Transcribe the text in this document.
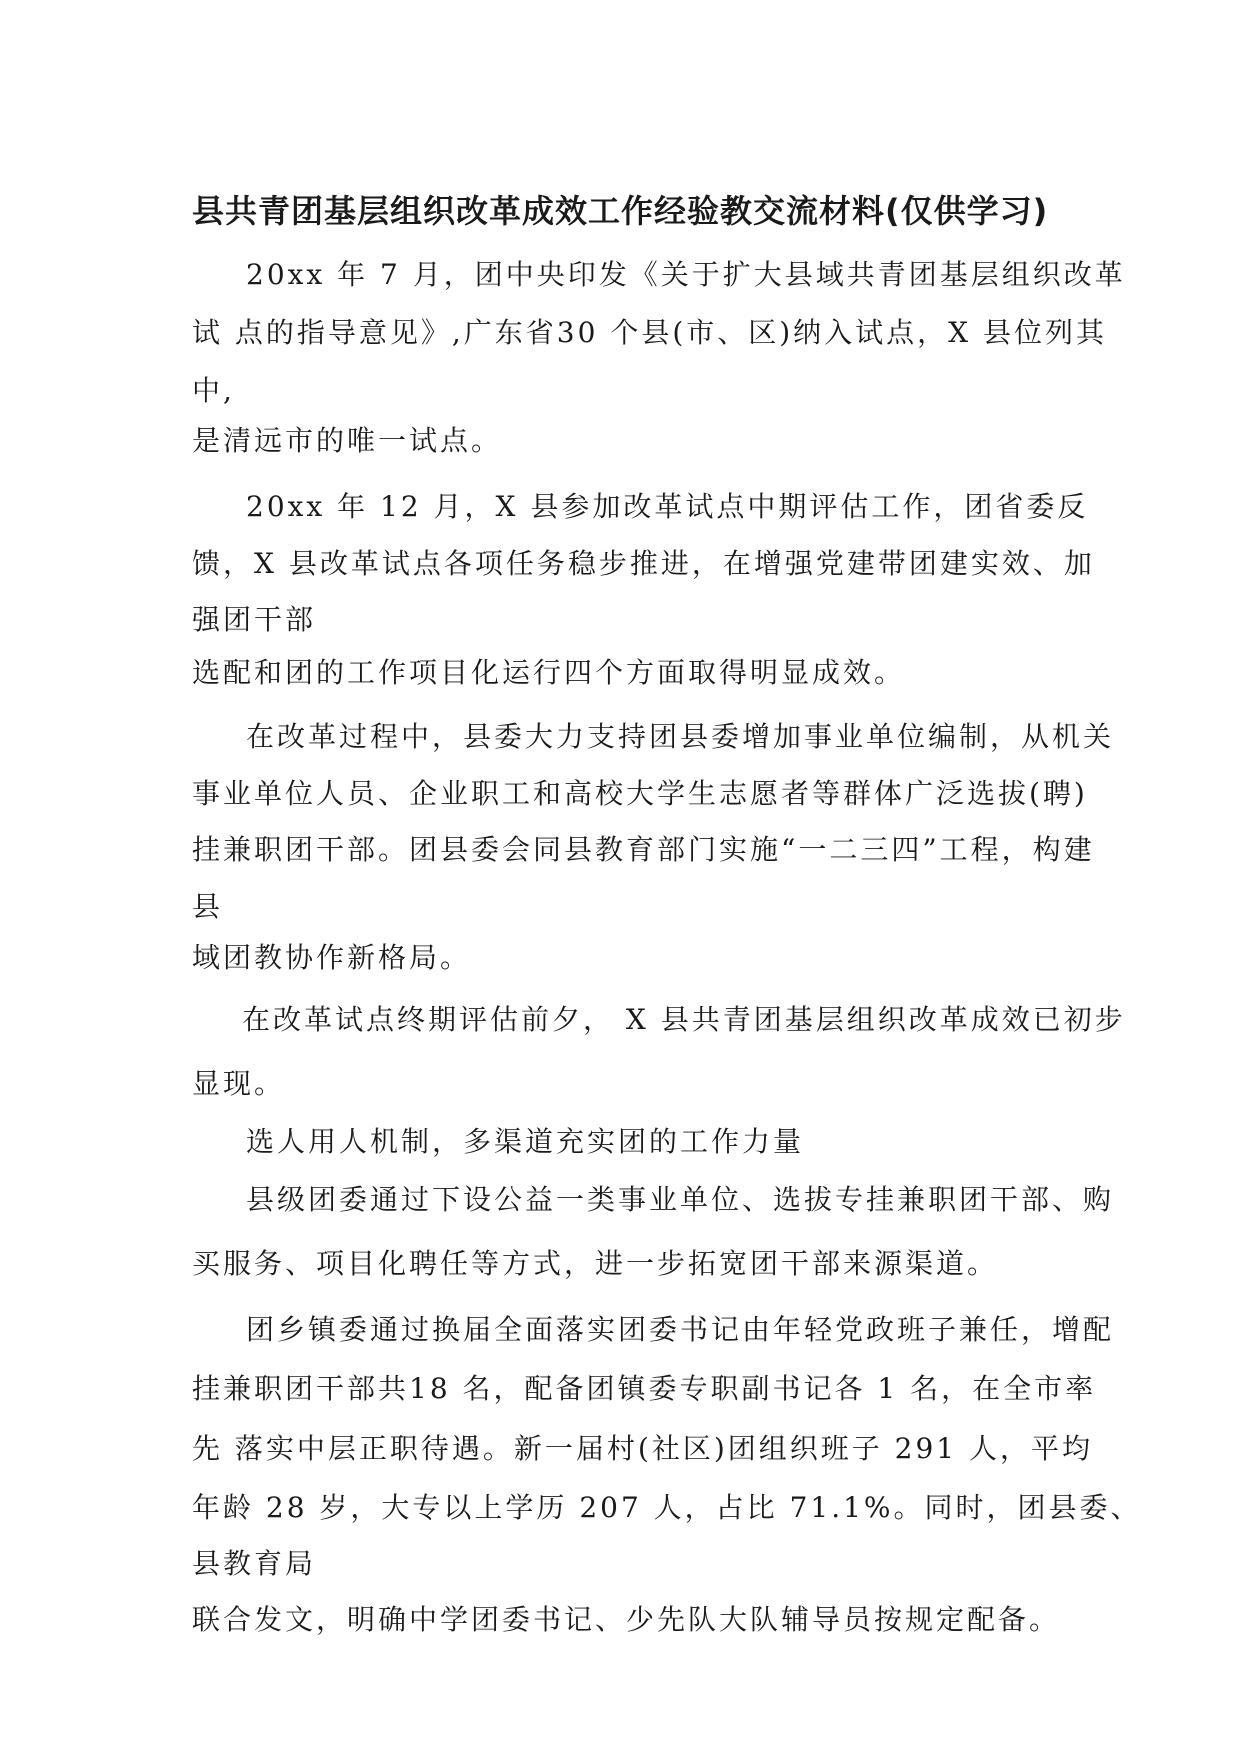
县共青团基层组织改革成效工作经验教交流材料(仅供学习)
20xx 年 7 月，团中央印发《关于扩大县域共青团基层组织改革
试 点的指导意见》,广东省30 个县(市、区)纳入试点，X 县位列其
中,
是清远市的唯一试点。
20xx 年 12 月，X 县参加改革试点中期评估工作，团省委反
馈，X 县改革试点各项任务稳步推进，在增强党建带团建实效、加
强团干部
选配和团的工作项目化运行四个方面取得明显成效。
在改革过程中，县委大力支持团县委增加事业单位编制，从机关
事业单位人员、企业职工和高校大学生志愿者等群体广泛选拔(聘)
挂兼职团干部。团县委会同县教育部门实施“一二三四”工程，构建
县
域团教协作新格局。
在改革试点终期评估前夕， X 县共青团基层组织改革成效已初步
显现。
选人用人机制，多渠道充实团的工作力量
县级团委通过下设公益一类事业单位、选拔专挂兼职团干部、购
买服务、项目化聘任等方式，进一步拓宽团干部来源渠道。
团乡镇委通过换届全面落实团委书记由年轻党政班子兼任，增配
挂兼职团干部共18 名，配备团镇委专职副书记各 1 名，在全市率
先 落实中层正职待遇。新一届村(社区)团组织班子 291 人，平均
年龄 28 岁，大专以上学历 207 人，占比 71.1%。同时，团县委、
县教育局
联合发文，明确中学团委书记、少先队大队辅导员按规定配备。
